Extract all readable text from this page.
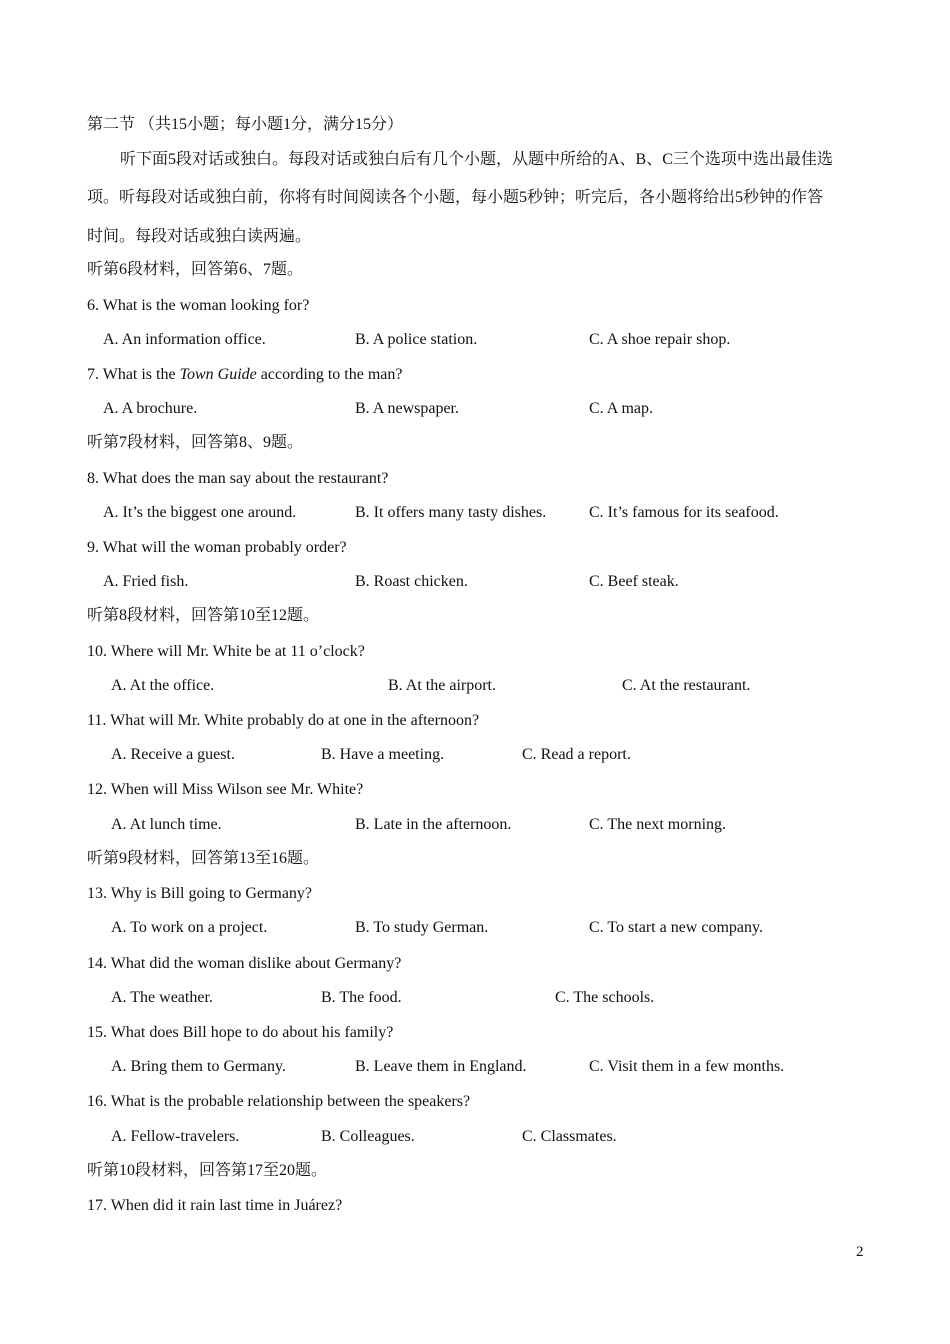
第二节 （共15小题；每小题1分，满分15分）
听下面5段对话或独白。每段对话或独白后有几个小题，从题中所给的A、B、C三个选项中选出最佳选
项。听每段对话或独白前，你将有时间阅读各个小题，每小题5秒钟；听完后，各小题将给出5秒钟的作答
时间。每段对话或独白读两遍。
听第6段材料，回答第6、7题。
6. What is the woman looking for?
A. An information office.	B. A police station.	C. A shoe repair shop.
7. What is the Town Guide according to the man?
A. A brochure.	B. A newspaper.	C. A map.
听第7段材料，回答第8、9题。
8. What does the man say about the restaurant?
A. It’s the biggest one around.	B. It offers many tasty dishes.	C. It’s famous for its seafood.
9. What will the woman probably order?
A. Fried fish.	B. Roast chicken.	C. Beef steak.
听第8段材料，回答第10至12题。
10. Where will Mr. White be at 11 o’clock?
A. At the office.	B. At the airport.	C. At the restaurant.
11. What will Mr. White probably do at one in the afternoon?
A. Receive a guest.	B. Have a meeting.	C. Read a report.
12. When will Miss Wilson see Mr. White?
A. At lunch time.	B. Late in the afternoon.	C. The next morning.
听第9段材料，回答第13至16题。
13. Why is Bill going to Germany?
A. To work on a project.	B. To study German.	C. To start a new company.
14. What did the woman dislike about Germany?
A. The weather.	B. The food.	C. The schools.
15. What does Bill hope to do about his family?
A. Bring them to Germany.	B. Leave them in England.	C. Visit them in a few months.
16. What is the probable relationship between the speakers?
A. Fellow-travelers.	B. Colleagues.	C. Classmates.
听第10段材料，回答第17至20题。
17. When did it rain last time in Juárez?
2
